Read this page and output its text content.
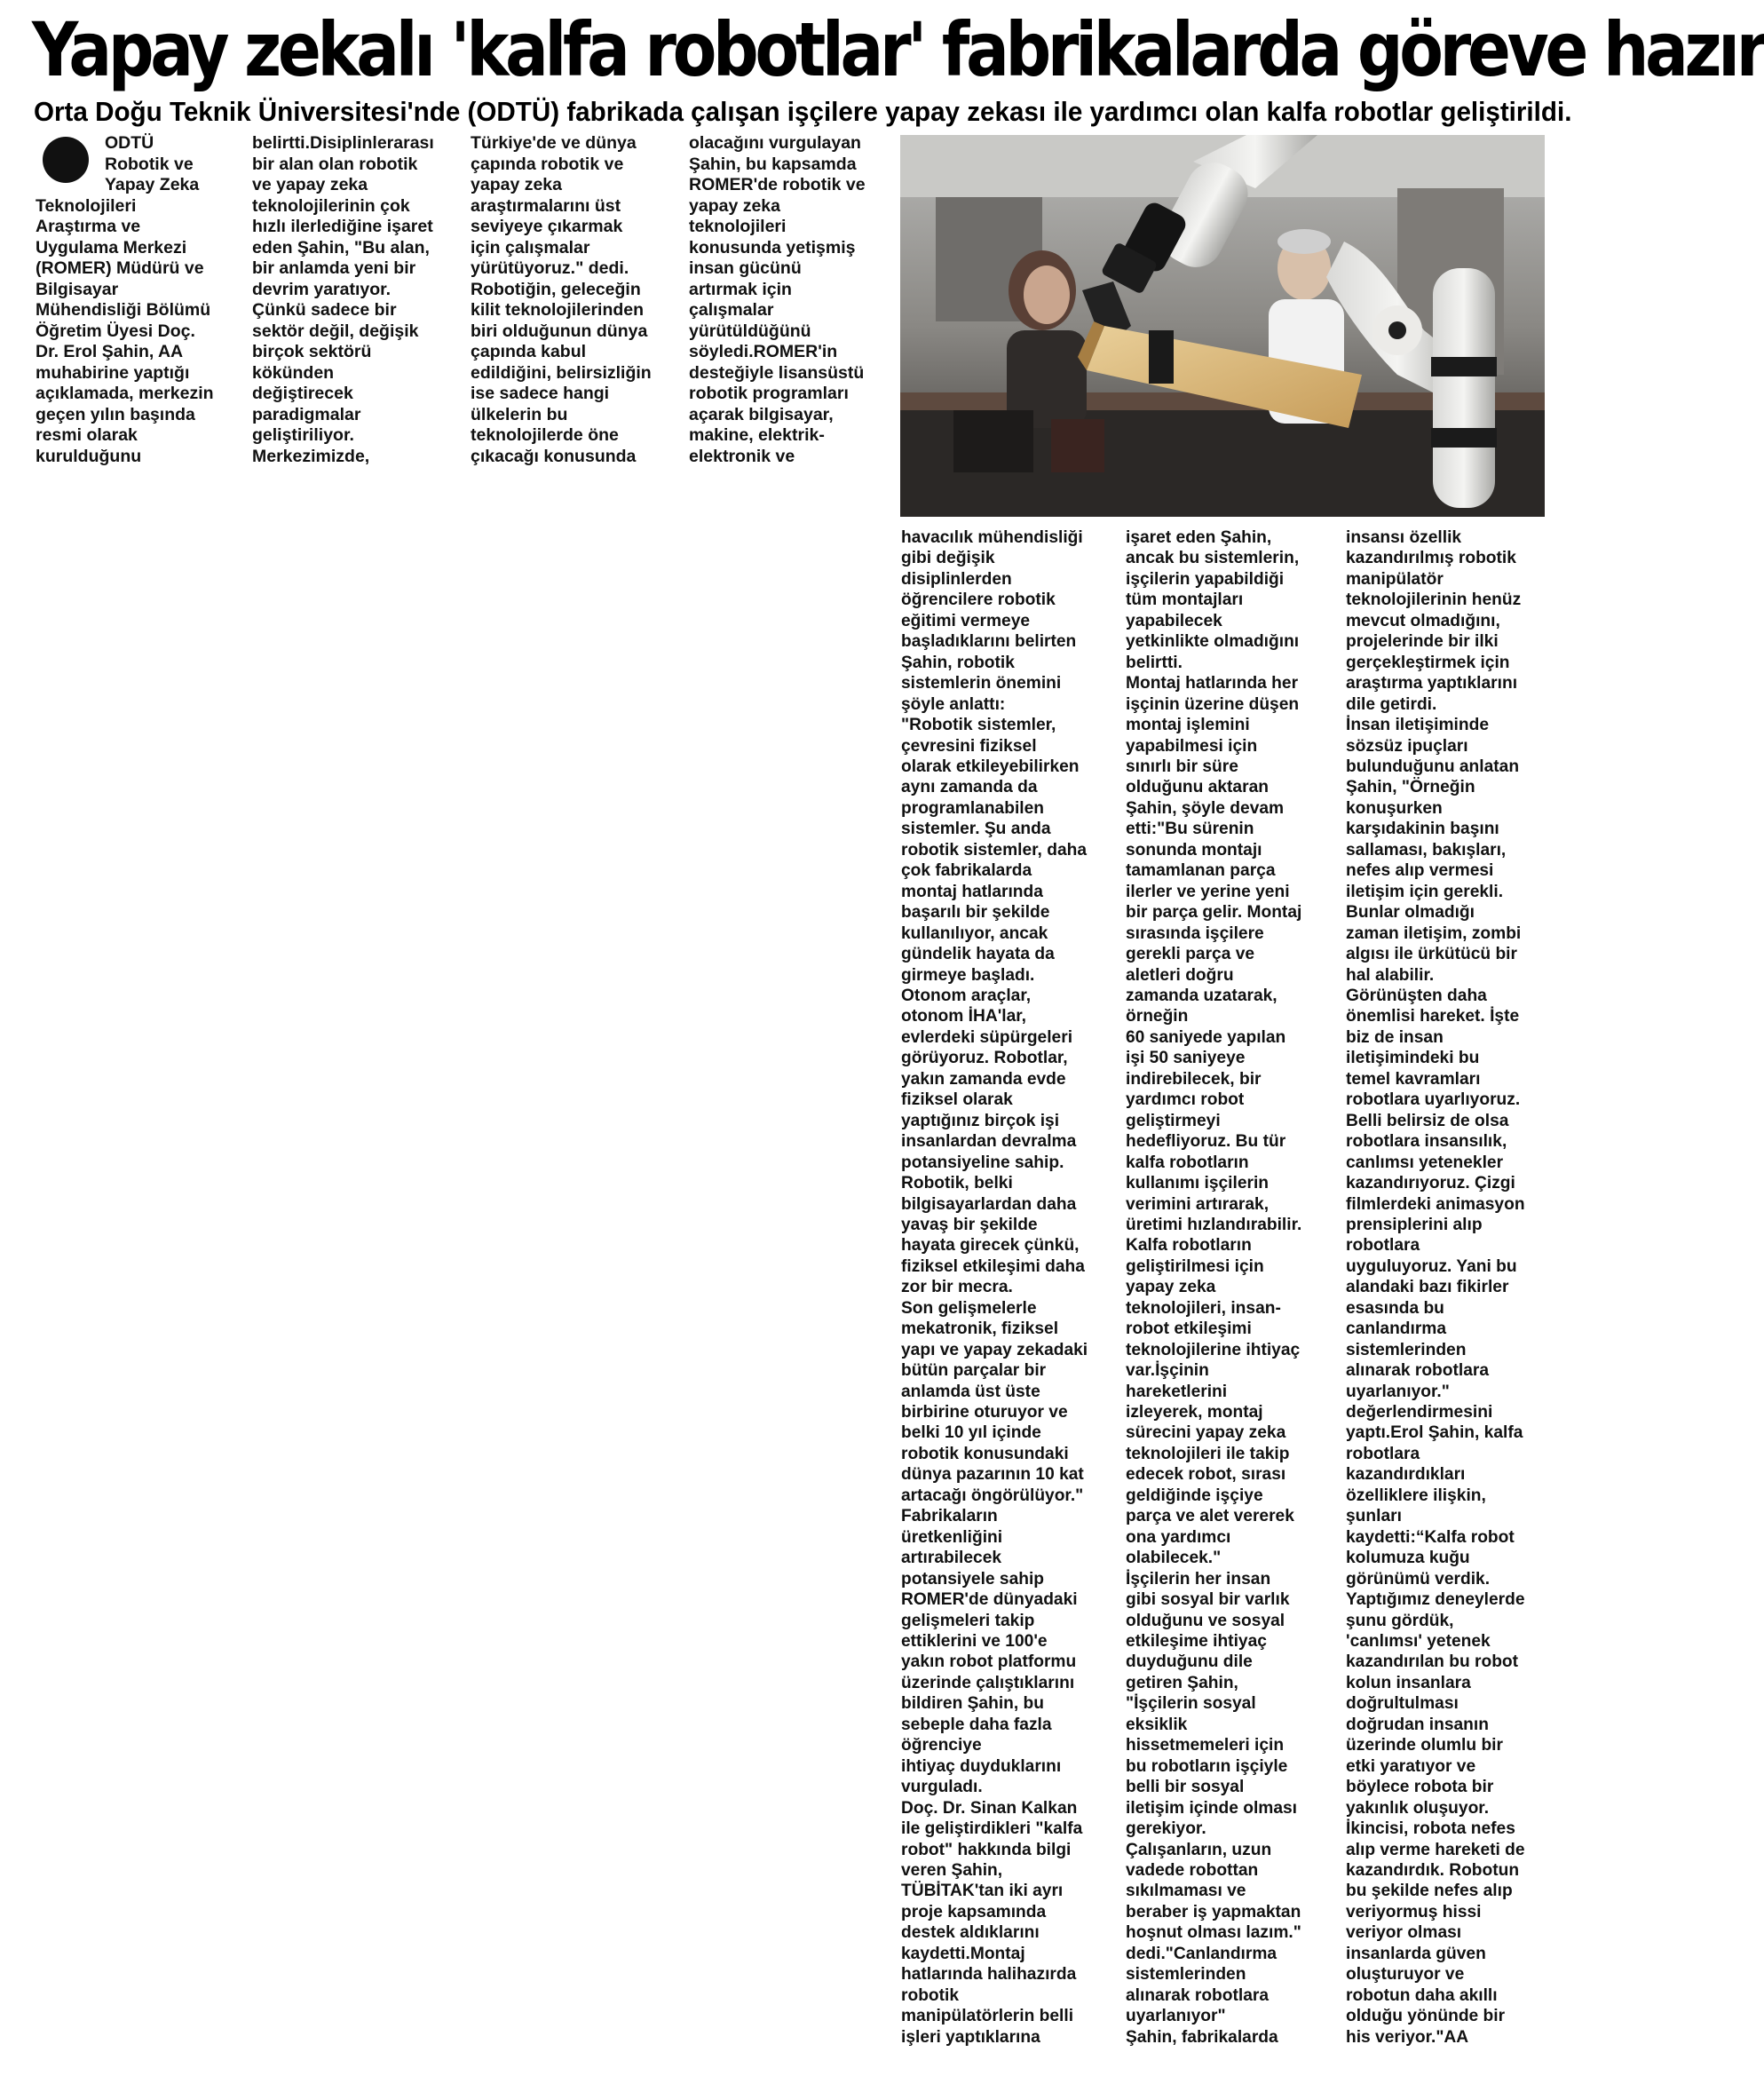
Yapay zekalı 'kalfa robotlar' fabrikalarda göreve hazır
Orta Doğu Teknik Üniversitesi'nde (ODTÜ) fabrikada çalışan işçilere yapay zekası ile yardımcı olan kalfa robotlar geliştirildi.
ODTÜ
Robotik ve
Yapay Zeka
Teknolojileri
Araştırma ve
Uygulama Merkezi
(ROMER) Müdürü ve
Bilgisayar
Mühendisliği Bölümü
Öğretim Üyesi Doç.
Dr. Erol Şahin, AA
muhabirine yaptığı
açıklamada, merkezin
geçen yılın başında
resmi olarak
kurulduğunu
belirtti.Disiplinlerarası
bir alan olan robotik
ve yapay zeka
teknolojilerinin çok
hızlı ilerlediğine işaret
eden Şahin, "Bu alan,
bir anlamda yeni bir
devrim yaratıyor.
Çünkü sadece bir
sektör değil, değişik
birçok sektörü
kökünden
değiştirecek
paradigmalar
geliştiriliyor.
Merkezimizde,
Türkiye'de ve dünya
çapında robotik ve
yapay zeka
araştırmalarını üst
seviyeye çıkarmak
için çalışmalar
yürütüyoruz." dedi.
Robotiğin, geleceğin
kilit teknolojilerinden
biri olduğunun dünya
çapında kabul
edildiğini, belirsizliğin
ise sadece hangi
ülkelerin bu
teknolojilerde öne
çıkacağı konusunda
olacağını vurgulayan
Şahin, bu kapsamda
ROMER'de robotik ve
yapay zeka
teknolojileri
konusunda yetişmiş
insan gücünü
artırmak için
çalışmalar
yürütüldüğünü
söyledi.ROMER'in
desteğiyle lisansüstü
robotik programları
açarak bilgisayar,
makine, elektrik-
elektronik ve
havacılık mühendisliği
gibi değişik
disiplinlerden
öğrencilere robotik
eğitimi vermeye
başladıklarını belirten
Şahin, robotik
sistemlerin önemini
şöyle anlattı:
"Robotik sistemler,
çevresini fiziksel
olarak etkileyebilirken
aynı zamanda da
programlanabilen
sistemler. Şu anda
robotik sistemler, daha
çok fabrikalarda
montaj hatlarında
başarılı bir şekilde
kullanılıyor, ancak
gündelik hayata da
girmeye başladı.
Otonom araçlar,
otonom İHA'lar,
evlerdeki süpürgeleri
görüyoruz. Robotlar,
yakın zamanda evde
fiziksel olarak
yaptığınız birçok işi
insanlardan devralma
potansiyeline sahip.
Robotik, belki
bilgisayarlardan daha
yavaş bir şekilde
hayata girecek çünkü,
fiziksel etkileşimi daha
zor bir mecra.
Son gelişmelerle
mekatronik, fiziksel
yapı ve yapay zekadaki
bütün parçalar bir
anlamda üst üste
birbirine oturuyor ve
belki 10 yıl içinde
robotik konusundaki
dünya pazarının 10 kat
artacağı öngörülüyor."
Fabrikaların
üretkenliğini
artırabilecek
potansiyele sahip
ROMER'de dünyadaki
gelişmeleri takip
ettiklerini ve 100'e
yakın robot platformu
üzerinde çalıştıklarını
bildiren Şahin, bu
sebeple daha fazla
öğrenciye
ihtiyaç duyduklarını
vurguladı.
Doç. Dr. Sinan Kalkan
ile geliştirdikleri "kalfa
robot" hakkında bilgi
veren Şahin,
TÜBİTAK'tan iki ayrı
proje kapsamında
destek aldıklarını
kaydetti.Montaj
hatlarında halihazırda
robotik
manipülatörlerin belli
işleri yaptıklarına
işaret eden Şahin,
ancak bu sistemlerin,
işçilerin yapabildiği
tüm montajları
yapabilecek
yetkinlikte olmadığını
belirtti.
Montaj hatlarında her
işçinin üzerine düşen
montaj işlemini
yapabilmesi için
sınırlı bir süre
olduğunu aktaran
Şahin, şöyle devam
etti:"Bu sürenin
sonunda montajı
tamamlanan parça
ilerler ve yerine yeni
bir parça gelir. Montaj
sırasında işçilere
gerekli parça ve
aletleri doğru
zamanda uzatarak,
örneğin
60 saniyede yapılan
işi 50 saniyeye
indirebilecek, bir
yardımcı robot
geliştirmeyi
hedefliyoruz. Bu tür
kalfa robotların
kullanımı işçilerin
verimini artırarak,
üretimi hızlandırabilir.
Kalfa robotların
geliştirilmesi için
yapay zeka
teknolojileri, insan-
robot etkileşimi
teknolojilerine ihtiyaç
var.İşçinin
hareketlerini
izleyerek, montaj
sürecini yapay zeka
teknolojileri ile takip
edecek robot, sırası
geldiğinde işçiye
parça ve alet vererek
ona yardımcı
olabilecek."
İşçilerin her insan
gibi sosyal bir varlık
olduğunu ve sosyal
etkileşime ihtiyaç
duyduğunu dile
getiren Şahin,
"İşçilerin sosyal
eksiklik
hissetmemeleri için
bu robotların işçiyle
belli bir sosyal
iletişim içinde olması
gerekiyor.
Çalışanların, uzun
vadede robottan
sıkılmaması ve
beraber iş yapmaktan
hoşnut olması lazım."
dedi."Canlandırma
sistemlerinden
alınarak robotlara
uyarlanıyor"
Şahin, fabrikalarda
insansı özellik
kazandırılmış robotik
manipülatör
teknolojilerinin henüz
mevcut olmadığını,
projelerinde bir ilki
gerçekleştirmek için
araştırma yaptıklarını
dile getirdi.
İnsan iletişiminde
sözsüz ipuçları
bulunduğunu anlatan
Şahin, "Örneğin
konuşurken
karşıdakinin başını
sallaması, bakışları,
nefes alıp vermesi
iletişim için gerekli.
Bunlar olmadığı
zaman iletişim, zombi
algısı ile ürkütücü bir
hal alabilir.
Görünüşten daha
önemlisi hareket. İşte
biz de insan
iletişimindeki bu
temel kavramları
robotlara uyarlıyoruz.
Belli belirsiz de olsa
robotlara insansılık,
canlımsı yetenekler
kazandırıyoruz. Çizgi
filmlerdeki animasyon
prensiplerini alıp
robotlara
uyguluyoruz. Yani bu
alandaki bazı fikirler
esasında bu
canlandırma
sistemlerinden
alınarak robotlara
uyarlanıyor."
değerlendirmesini
yaptı.Erol Şahin, kalfa
robotlara
kazandırdıkları
özelliklere ilişkin,
şunları
kaydetti:“Kalfa robot
kolumuza kuğu
görünümü verdik.
Yaptığımız deneylerde
şunu gördük,
'canlımsı' yetenek
kazandırılan bu robot
kolun insanlara
doğrultulması
doğrudan insanın
üzerinde olumlu bir
etki yaratıyor ve
böylece robota bir
yakınlık oluşuyor.
İkincisi, robota nefes
alıp verme hareketi de
kazandırdık. Robotun
bu şekilde nefes alıp
veriyormuş hissi
veriyor olması
insanlarda güven
oluşturuyor ve
robotun daha akıllı
olduğu yönünde bir
his veriyor."AA
